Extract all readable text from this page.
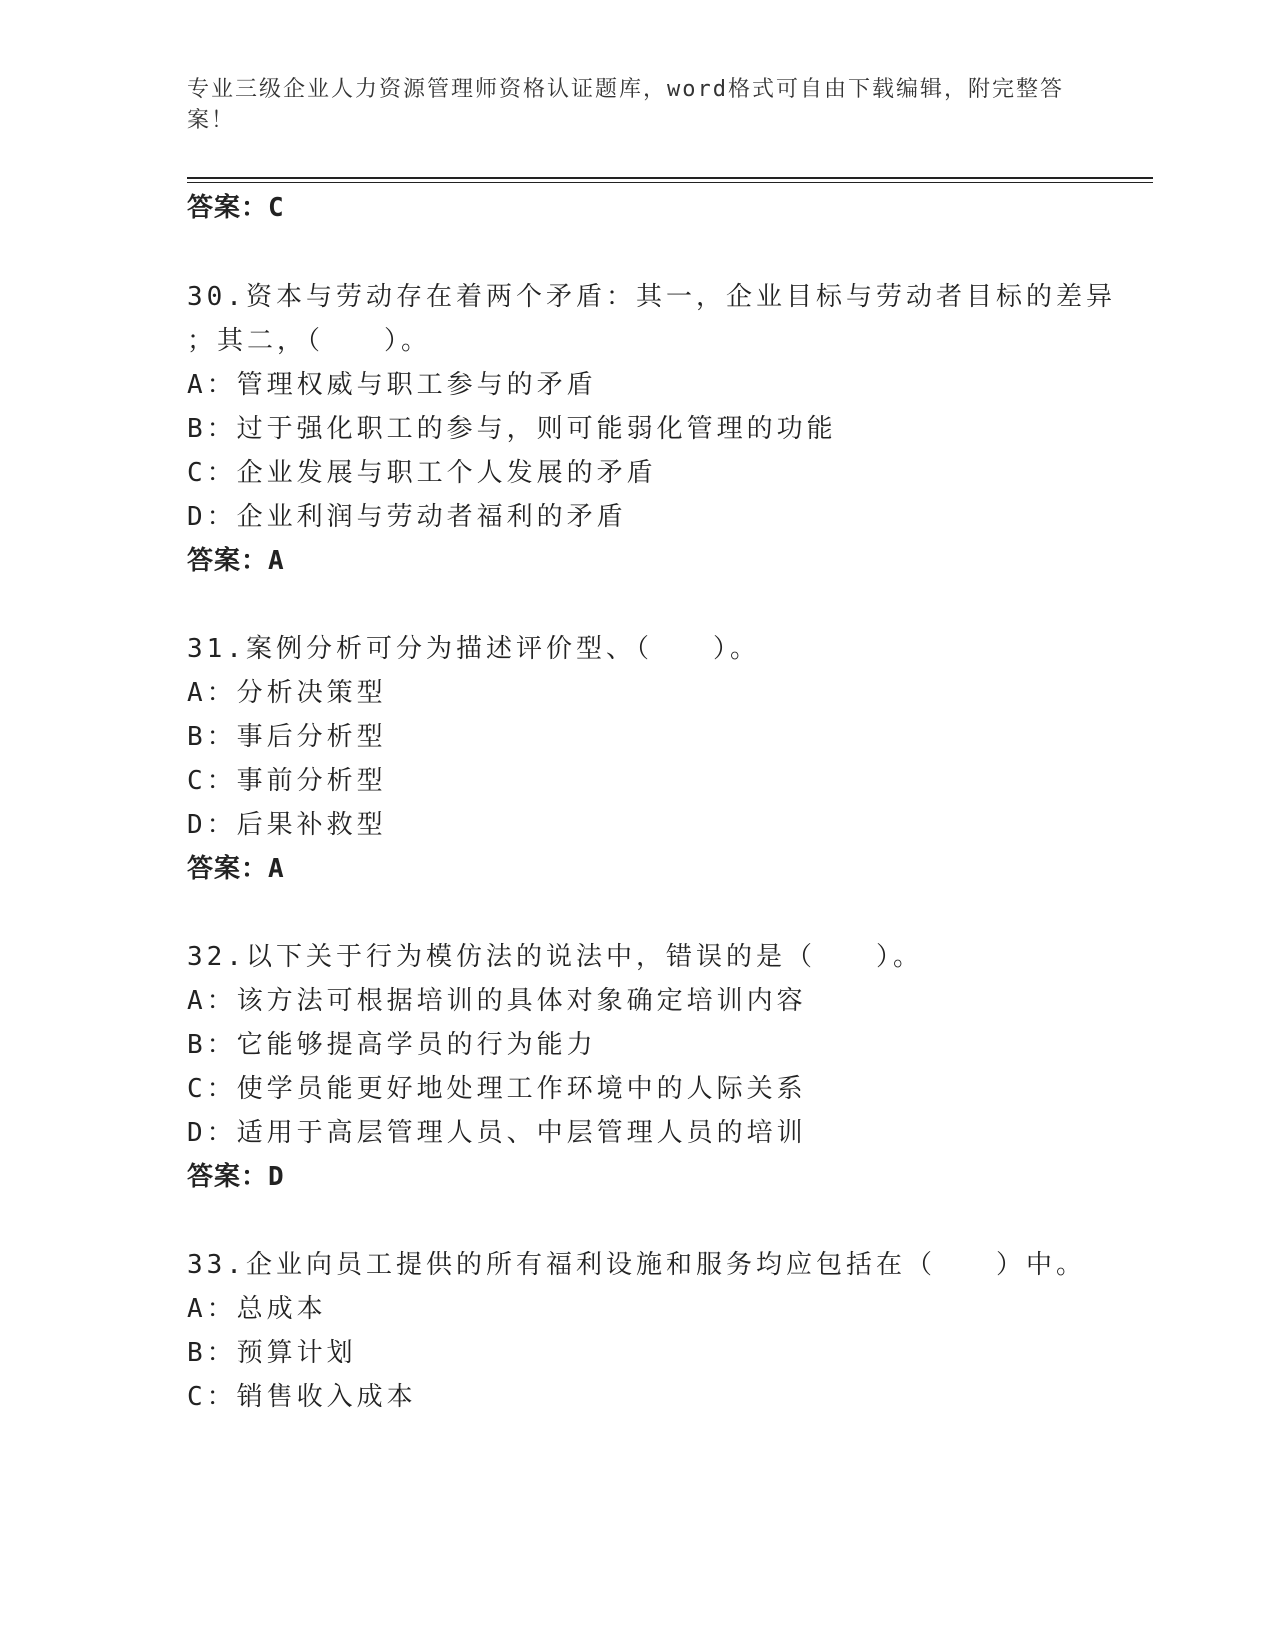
专业三级企业人力资源管理师资格认证题库，word格式可自由下载编辑，附完整答案！
答案：C
30.资本与劳动存在着两个矛盾：其一，企业目标与劳动者目标的差异
；其二，（　　）。
A：管理权威与职工参与的矛盾
B：过于强化职工的参与，则可能弱化管理的功能
C：企业发展与职工个人发展的矛盾
D：企业利润与劳动者福利的矛盾
答案：A
31.案例分析可分为描述评价型、（　　）。
A：分析决策型
B：事后分析型
C：事前分析型
D：后果补救型
答案：A
32.以下关于行为模仿法的说法中，错误的是（　　）。
A：该方法可根据培训的具体对象确定培训内容
B：它能够提高学员的行为能力
C：使学员能更好地处理工作环境中的人际关系
D：适用于高层管理人员、中层管理人员的培训
答案：D
33.企业向员工提供的所有福利设施和服务均应包括在（　　）中。
A：总成本
B：预算计划
C：销售收入成本
